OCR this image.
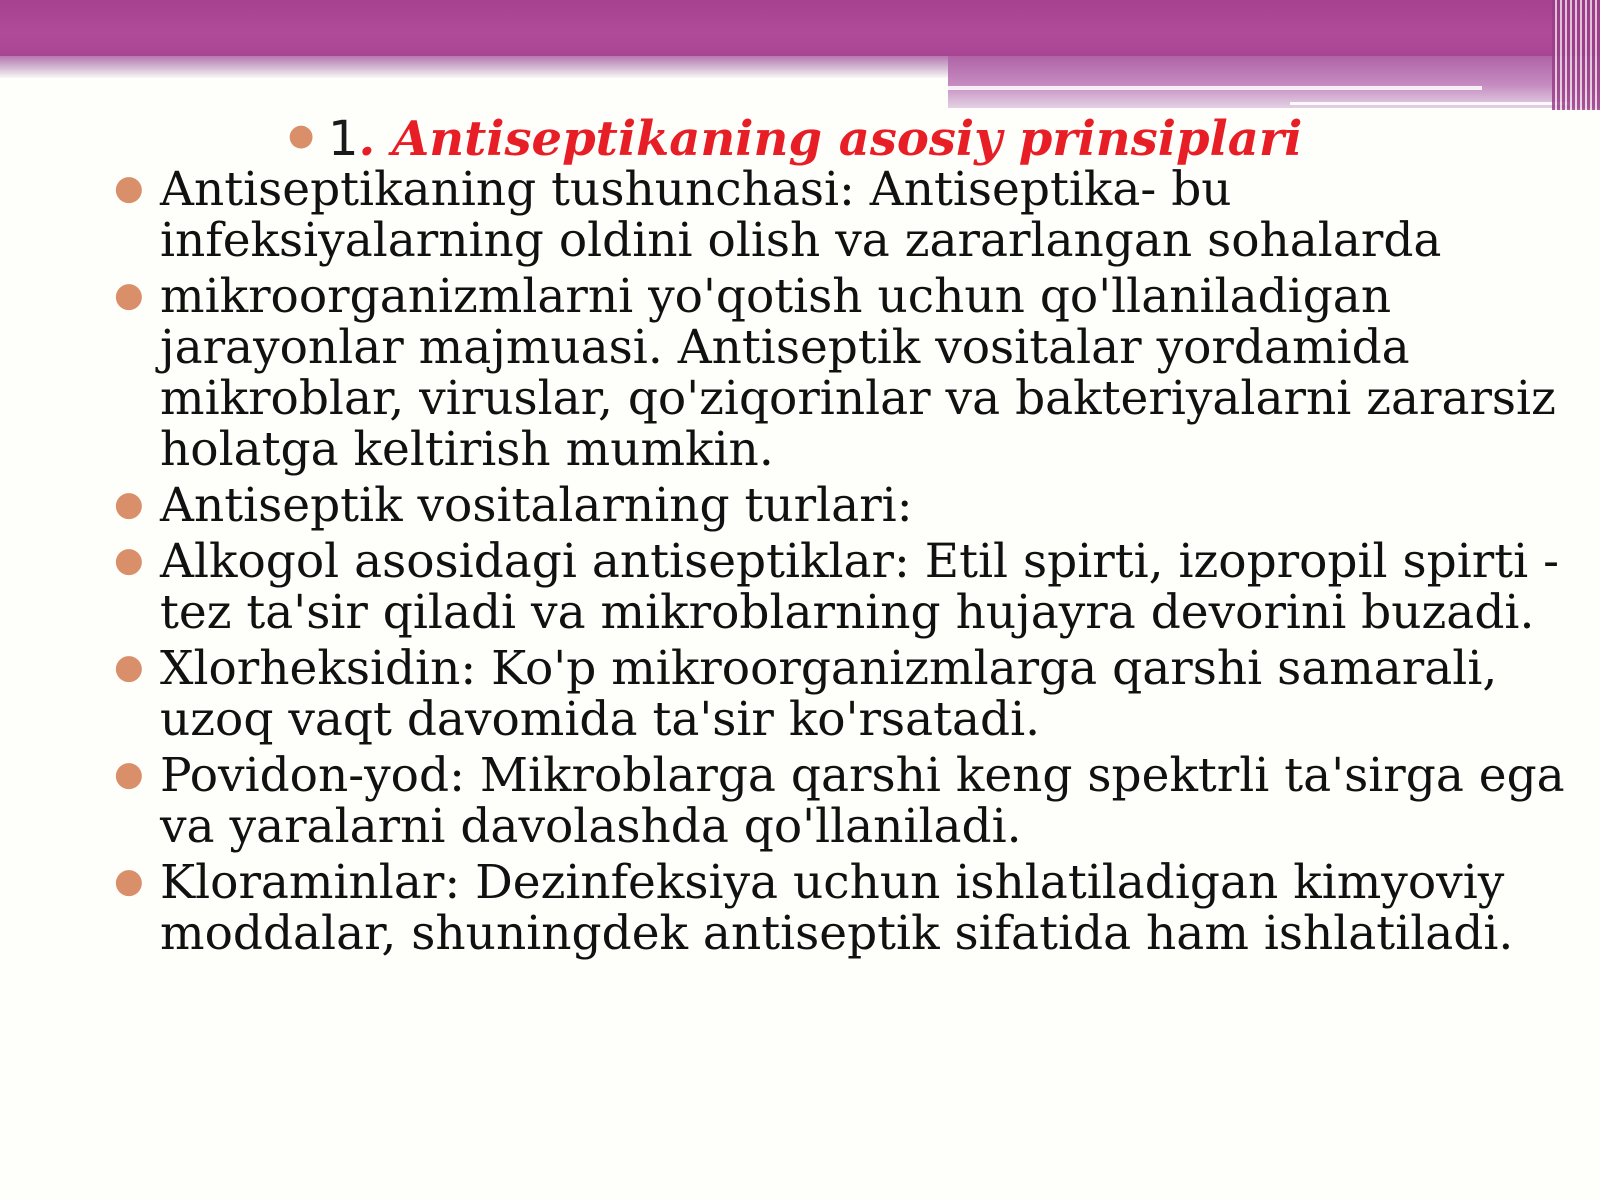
● 1. Antiseptikaning asosiy prinsiplari
● Antiseptikaning tushunchasi: Antiseptika- bu infeksiyalarning oldini olish va zararlangan sohalarda
● mikroorganizmlarni yo'qotish uchun qo'llaniladigan jarayonlar majmuasi. Antiseptik vositalar yordamida mikroblar, viruslar, qo'ziqorinlar va bakteriyalarni zararsiz holatga keltirish mumkin.
● Antiseptik vositalarning turlari:
● Alkogol asosidagi antiseptiklar: Etil spirti, izopropil spirti - tez ta'sir qiladi va mikroblarning hujayra devorini buzadi.
● Xlorheksidin: Ko'p mikroorganizmlarga qarshi samarali, uzoq vaqt davomida ta'sir ko'rsatadi.
● Povidon-yod: Mikroblarga qarshi keng spektrli ta'sirga ega va yaralarni davolashda qo'llaniladi.
● Kloraminlar: Dezinfeksiya uchun ishlatiladigan kimyoviy moddalar, shuningdek antiseptik sifatida ham ishlatiladi.
